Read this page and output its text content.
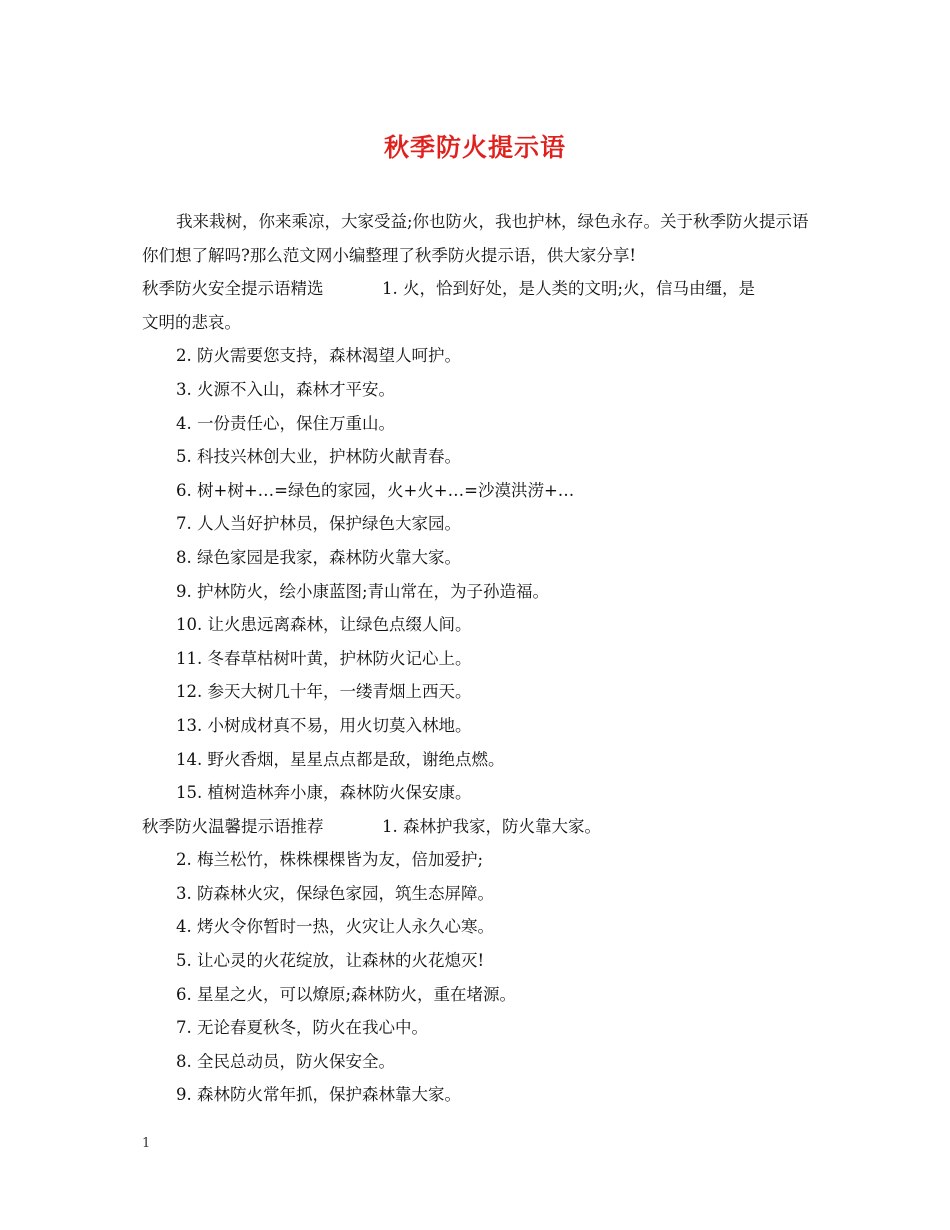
秋季防火提示语

我来栽树，你来乘凉，大家受益;你也防火，我也护林，绿色永存。关于秋季防火提示语你们想了解吗?那么范文网小编整理了秋季防火提示语，供大家分享!

秋季防火安全提示语精选	1. 火，恰到好处，是人类的文明;火，信马由缰，是
文明的悲哀。
2. 防火需要您支持，森林渴望人呵护。
3. 火源不入山，森林才平安。
4. 一份责任心，保住万重山。
5. 科技兴林创大业，护林防火献青春。
6. 树+树+…=绿色的家园，火+火+…=沙漠洪涝+…
7. 人人当好护林员，保护绿色大家园。
8. 绿色家园是我家，森林防火靠大家。
9. 护林防火，绘小康蓝图;青山常在，为子孙造福。
10. 让火患远离森林，让绿色点缀人间。
11. 冬春草枯树叶黄，护林防火记心上。
12. 参天大树几十年，一缕青烟上西天。
13. 小树成材真不易，用火切莫入林地。
14. 野火香烟，星星点点都是敌，谢绝点燃。
15. 植树造林奔小康，森林防火保安康。
秋季防火温馨提示语推荐	1. 森林护我家，防火靠大家。
2. 梅兰松竹，株株棵棵皆为友，倍加爱护;
3. 防森林火灾，保绿色家园，筑生态屏障。
4. 烤火令你暂时一热，火灾让人永久心寒。
5. 让心灵的火花绽放，让森林的火花熄灭!
6. 星星之火，可以燎原;森林防火，重在堵源。
7. 无论春夏秋冬，防火在我心中。
8. 全民总动员，防火保安全。
9. 森林防火常年抓，保护森林靠大家。
1
